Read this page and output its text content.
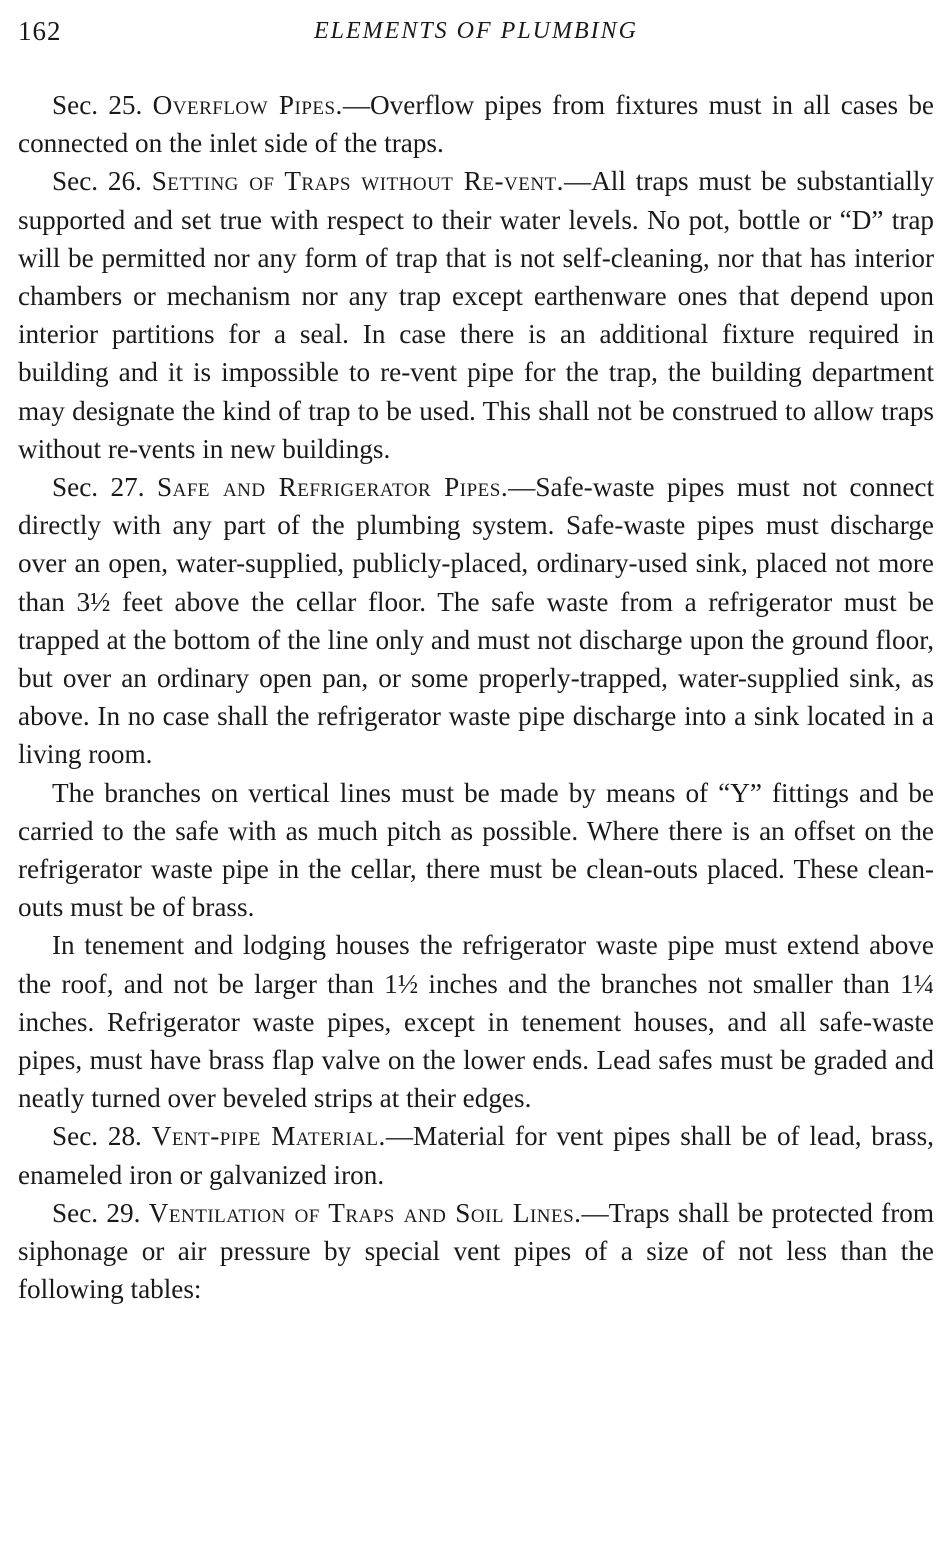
162	ELEMENTS OF PLUMBING

Sec. 25. Overflow Pipes.—Overflow pipes from fixtures must in all cases be connected on the inlet side of the traps.

Sec. 26. Setting of Traps without Re-vent.—All traps must be substantially supported and set true with respect to their water levels. No pot, bottle or “D” trap will be permitted nor any form of trap that is not self-cleaning, nor that has interior chambers or mechanism nor any trap except earthenware ones that depend upon interior partitions for a seal. In case there is an additional fixture required in building and it is impossible to re-vent pipe for the trap, the building department may designate the kind of trap to be used. This shall not be construed to allow traps without re-vents in new buildings.

Sec. 27. Safe and Refrigerator Pipes.—Safe-waste pipes must not connect directly with any part of the plumbing system. Safe-waste pipes must discharge over an open, water-supplied, publicly-placed, ordinary-used sink, placed not more than 3½ feet above the cellar floor. The safe waste from a refrigerator must be trapped at the bottom of the line only and must not discharge upon the ground floor, but over an ordinary open pan, or some properly-trapped, water-supplied sink, as above. In no case shall the refrigerator waste pipe discharge into a sink located in a living room.

The branches on vertical lines must be made by means of “Y” fittings and be carried to the safe with as much pitch as possible. Where there is an offset on the refrigerator waste pipe in the cellar, there must be clean-outs placed. These clean-outs must be of brass.

In tenement and lodging houses the refrigerator waste pipe must extend above the roof, and not be larger than 1½ inches and the branches not smaller than 1¼ inches. Refrigerator waste pipes, except in tenement houses, and all safe-waste pipes, must have brass flap valve on the lower ends. Lead safes must be graded and neatly turned over beveled strips at their edges.

Sec. 28. Vent-pipe Material.—Material for vent pipes shall be of lead, brass, enameled iron or galvanized iron.

Sec. 29. Ventilation of Traps and Soil Lines.—Traps shall be protected from siphonage or air pressure by special vent pipes of a size of not less than the following tables:
